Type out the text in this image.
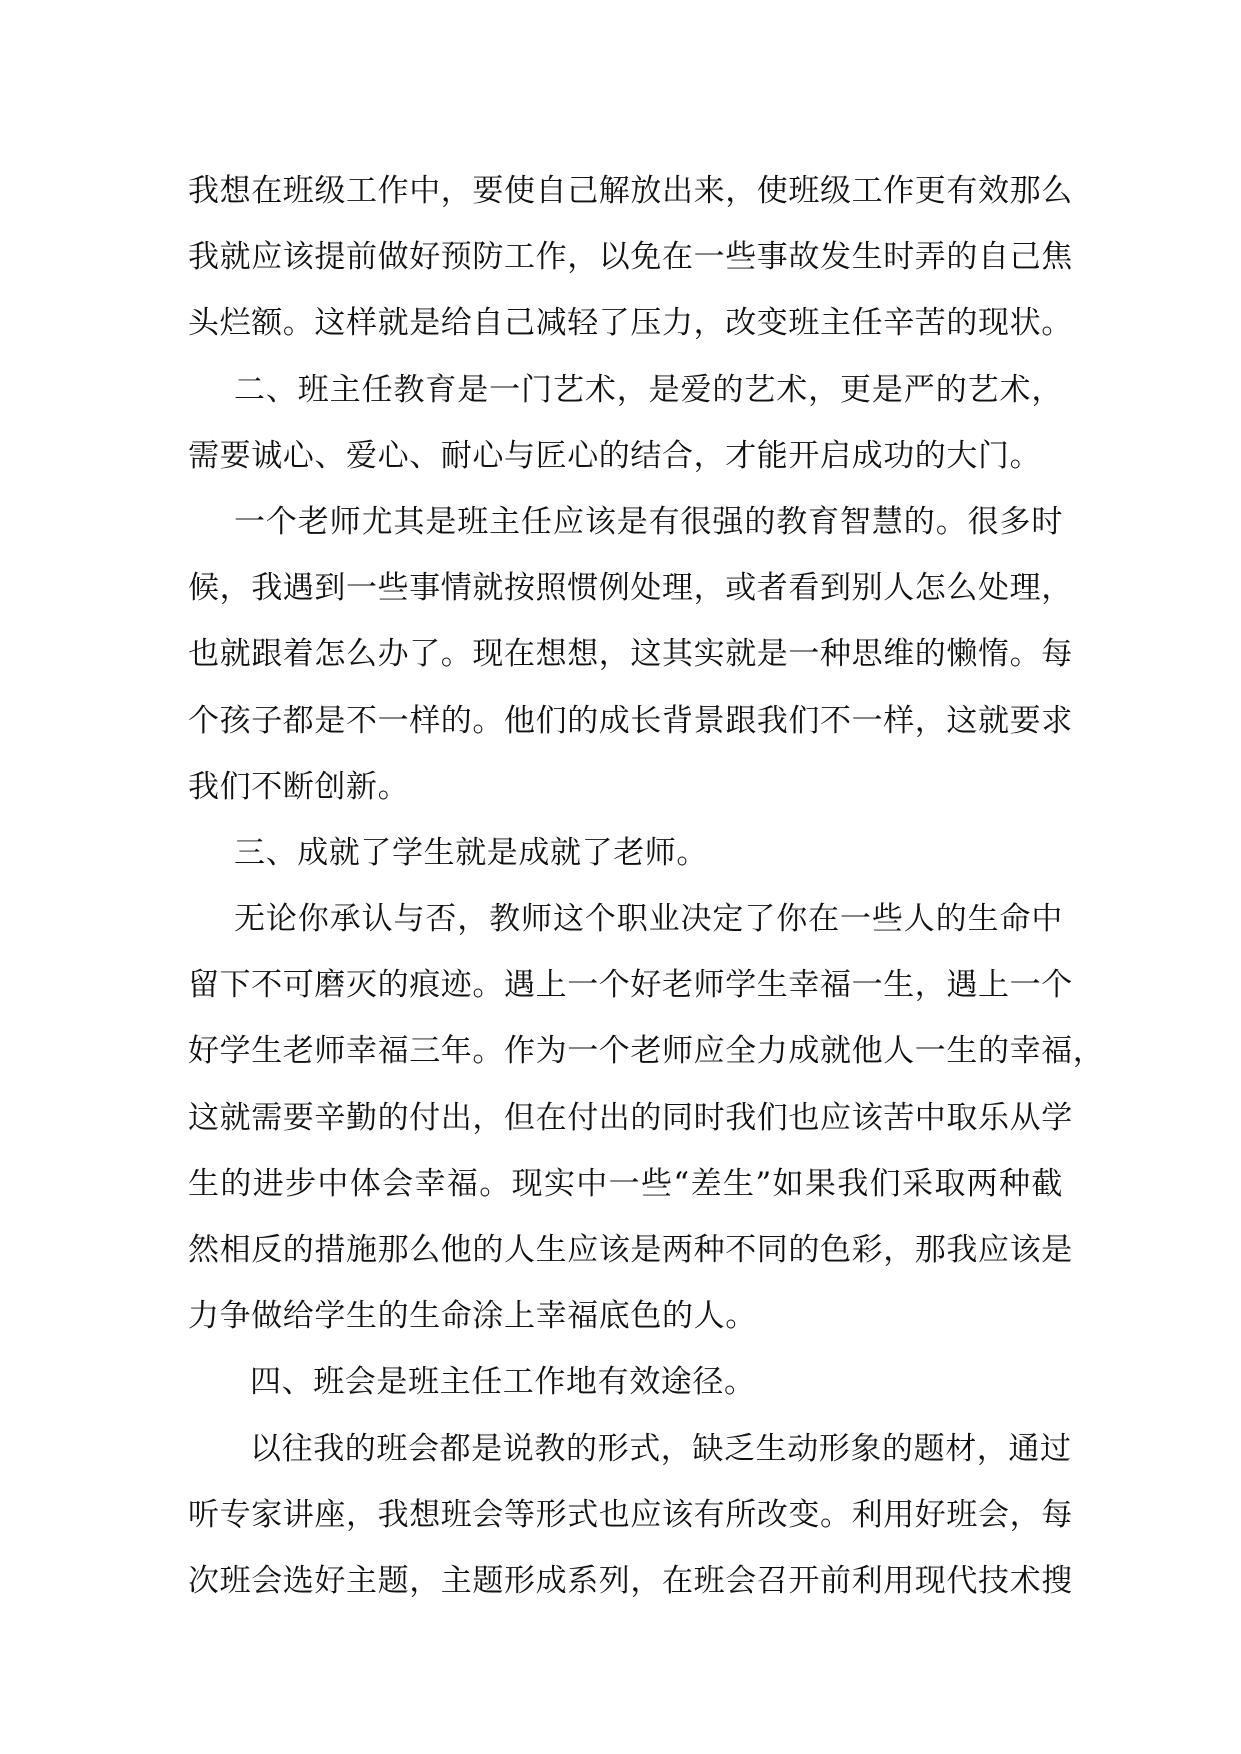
我想在班级工作中，要使自己解放出来，使班级工作更有效那么
我就应该提前做好预防工作，以免在一些事故发生时弄的自己焦
头烂额。这样就是给自己减轻了压力，改变班主任辛苦的现状。
二、班主任教育是一门艺术，是爱的艺术，更是严的艺术，
需要诚心、爱心、耐心与匠心的结合，才能开启成功的大门。
一个老师尤其是班主任应该是有很强的教育智慧的。很多时
候，我遇到一些事情就按照惯例处理，或者看到别人怎么处理，
也就跟着怎么办了。现在想想，这其实就是一种思维的懒惰。每
个孩子都是不一样的。他们的成长背景跟我们不一样，这就要求
我们不断创新。
三、成就了学生就是成就了老师。
无论你承认与否，教师这个职业决定了你在一些人的生命中
留下不可磨灭的痕迹。遇上一个好老师学生幸福一生，遇上一个
好学生老师幸福三年。作为一个老师应全力成就他人一生的幸福，
这就需要辛勤的付出，但在付出的同时我们也应该苦中取乐从学
生的进步中体会幸福。现实中一些“差生”如果我们采取两种截
然相反的措施那么他的人生应该是两种不同的色彩，那我应该是
力争做给学生的生命涂上幸福底色的人。
四、班会是班主任工作地有效途径。
以往我的班会都是说教的形式，缺乏生动形象的题材，通过
听专家讲座，我想班会等形式也应该有所改变。利用好班会，每
次班会选好主题，主题形成系列，在班会召开前利用现代技术搜
